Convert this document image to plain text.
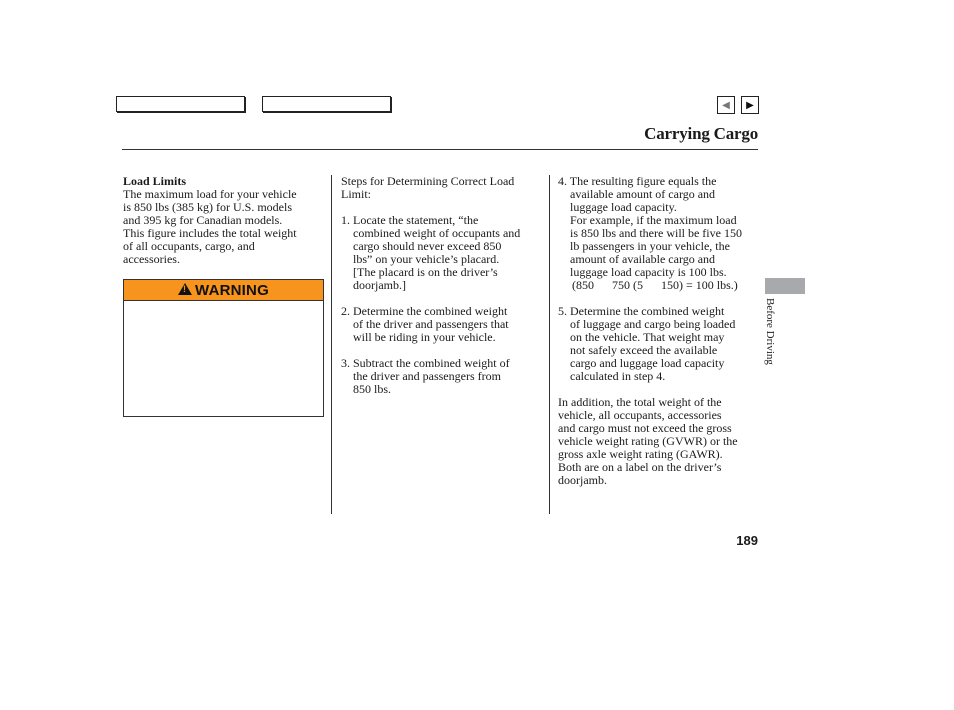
◀ ▶
Carrying Cargo

Load Limits

The maximum load for your vehicle

is 850 lbs (385 kg) for U.S. models

and 395 kg for Canadian models.

This figure includes the total weight

of all occupants, cargo, and

accessories.

!
WARNING

Steps for Determining Correct Load

Limit:

1. Locate the statement, “the

combined weight of occupants and

cargo should never exceed 850

lbs” on your vehicle’s placard.

[The placard is on the driver’s

doorjamb.]

2. Determine the combined weight

of the driver and passengers that

will be riding in your vehicle.

3. Subtract the combined weight of

the driver and passengers from

850 lbs.

4. The resulting figure equals the

available amount of cargo and

luggage load capacity.

For example, if the maximum load

is 850 lbs and there will be five 150

lb passengers in your vehicle, the

amount of available cargo and

luggage load capacity is 100 lbs.

(850      750 (5      150) = 100 lbs.)

5. Determine the combined weight

of luggage and cargo being loaded

on the vehicle. That weight may

not safely exceed the available

cargo and luggage load capacity

calculated in step 4.

In addition, the total weight of the

vehicle, all occupants, accessories

and cargo must not exceed the gross

vehicle weight rating (GVWR) or the

gross axle weight rating (GAWR).

Both are on a label on the driver’s

doorjamb.

Before Driving
189
